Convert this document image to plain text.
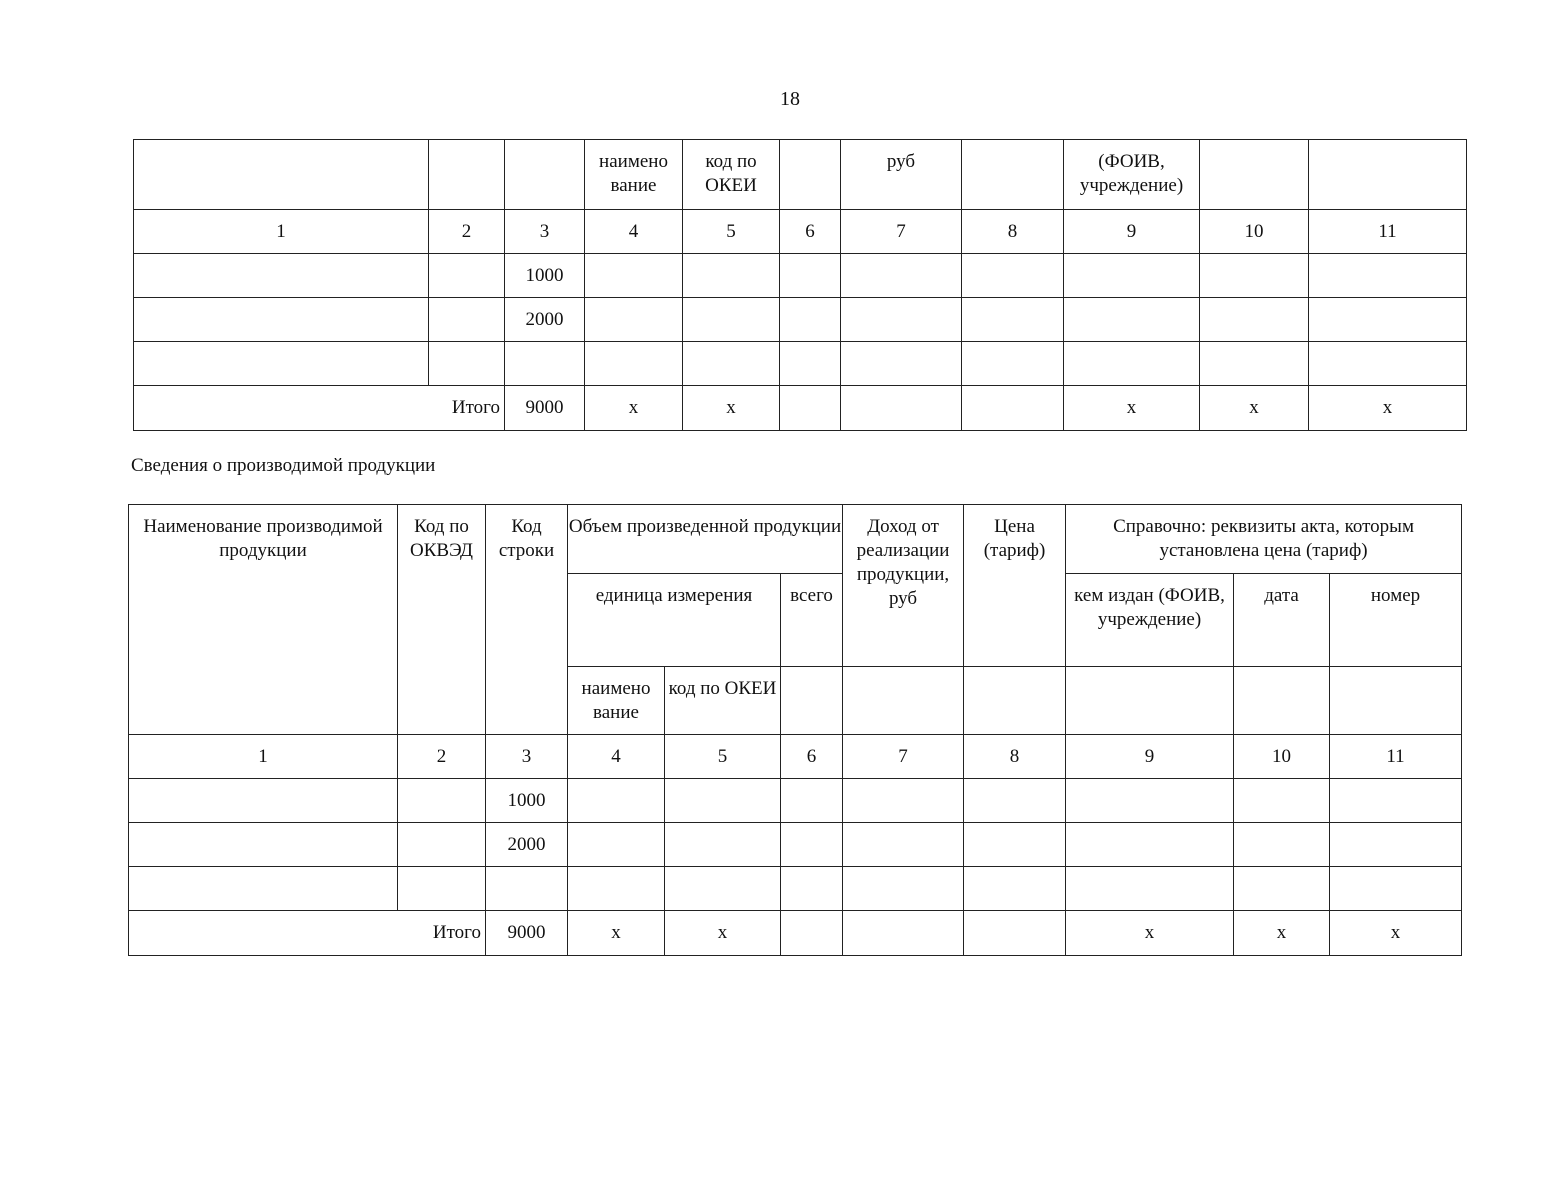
18
			наимено вание	код по ОКЕИ		руб		(ФОИВ, учреждение)		
1	2	3	4	5	6	7	8	9	10	11
		1000								
		2000								

Итого		9000	x	x				x	x	x
Сведения о производимой продукции
Наименование производимой продукции	Код по ОКВЭД	Код строки	Объем произведенной продукции			Доход от реализации продукции, руб	Цена (тариф)	Справочно: реквизиты акта, которым установлена цена (тариф)		
			единица измерения		всего			кем издан (ФОИВ, учреждение)	дата	номер
			наимено вание	код по ОКЕИ						
1	2	3	4	5	6	7	8	9	10	11
		1000								
		2000								

Итого		9000	x	x				x	x	x
